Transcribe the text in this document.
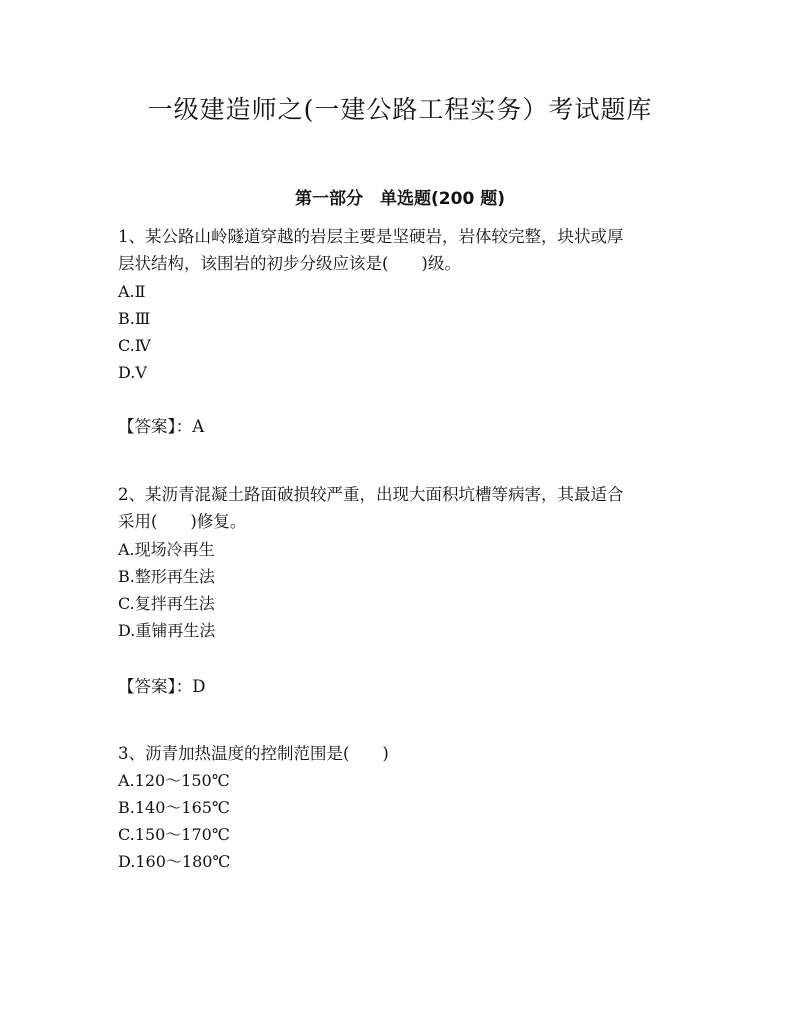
一级建造师之(一建公路工程实务）考试题库
第一部分　单选题(200 题)
1、某公路山岭隧道穿越的岩层主要是坚硬岩，岩体较完整，块状或厚
层状结构，该围岩的初步分级应该是(　　)级。
A.Ⅱ
B.Ⅲ
C.Ⅳ
D.Ⅴ
【答案】：A
2、某沥青混凝土路面破损较严重，出现大面积坑槽等病害，其最适合
采用(　　)修复。
A.现场冷再生
B.整形再生法
C.复拌再生法
D.重铺再生法
【答案】：D
3、沥青加热温度的控制范围是(　　)
A.120～150℃
B.140～165℃
C.150～170℃
D.160～180℃
